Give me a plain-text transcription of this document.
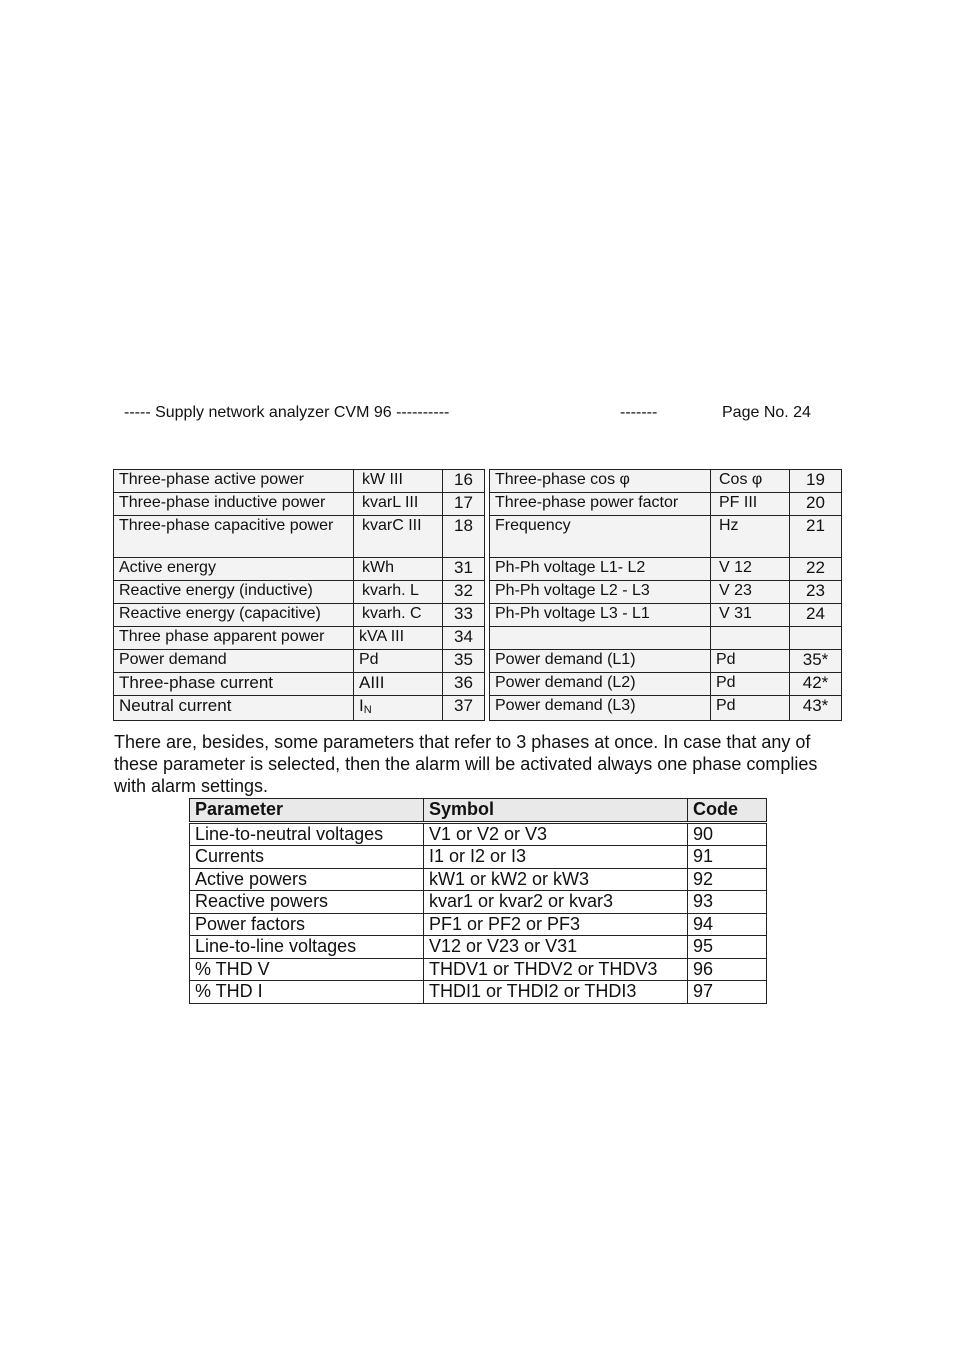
----- Supply network analyzer CVM 96 ----------	-------	Page No. 24
Three-phase active power	kW III	16		Three-phase cos φ	Cos φ	19
Three-phase inductive power	kvarL III	17		Three-phase power factor	PF III	20
Three-phase capacitive power	kvarC III	18		Frequency	Hz	21
Active energy	kWh	31		Ph-Ph voltage L1- L2	V 12	22
Reactive energy (inductive)	kvarh. L	32		Ph-Ph voltage L2 - L3	V 23	23
Reactive energy (capacitive)	kvarh. C	33		Ph-Ph voltage L3 - L1	V 31	24
Three phase apparent power	kVA III	34				
Power demand	Pd	35		Power demand (L1)	Pd	35*
Three-phase current	AIII	36		Power demand (L2)	Pd	42*
Neutral current	$I_N$	37		Power demand (L3)	Pd	43*
There are, besides, some parameters that refer to 3 phases at once. In case that any of these parameter is selected, then the alarm will be activated always one phase complies with alarm settings.
Parameter	Symbol	Code
Line-to-neutral voltages	V1 or V2 or V3	90
Currents	I1 or I2 or I3	91
Active powers	kW1 or kW2 or kW3	92
Reactive powers	kvar1 or kvar2 or kvar3	93
Power factors	PF1 or PF2 or PF3	94
Line-to-line voltages	V12 or V23 or V31	95
% THD V	THDV1 or THDV2 or THDV3	96
% THD I	THDI1 or THDI2 or THDI3	97
